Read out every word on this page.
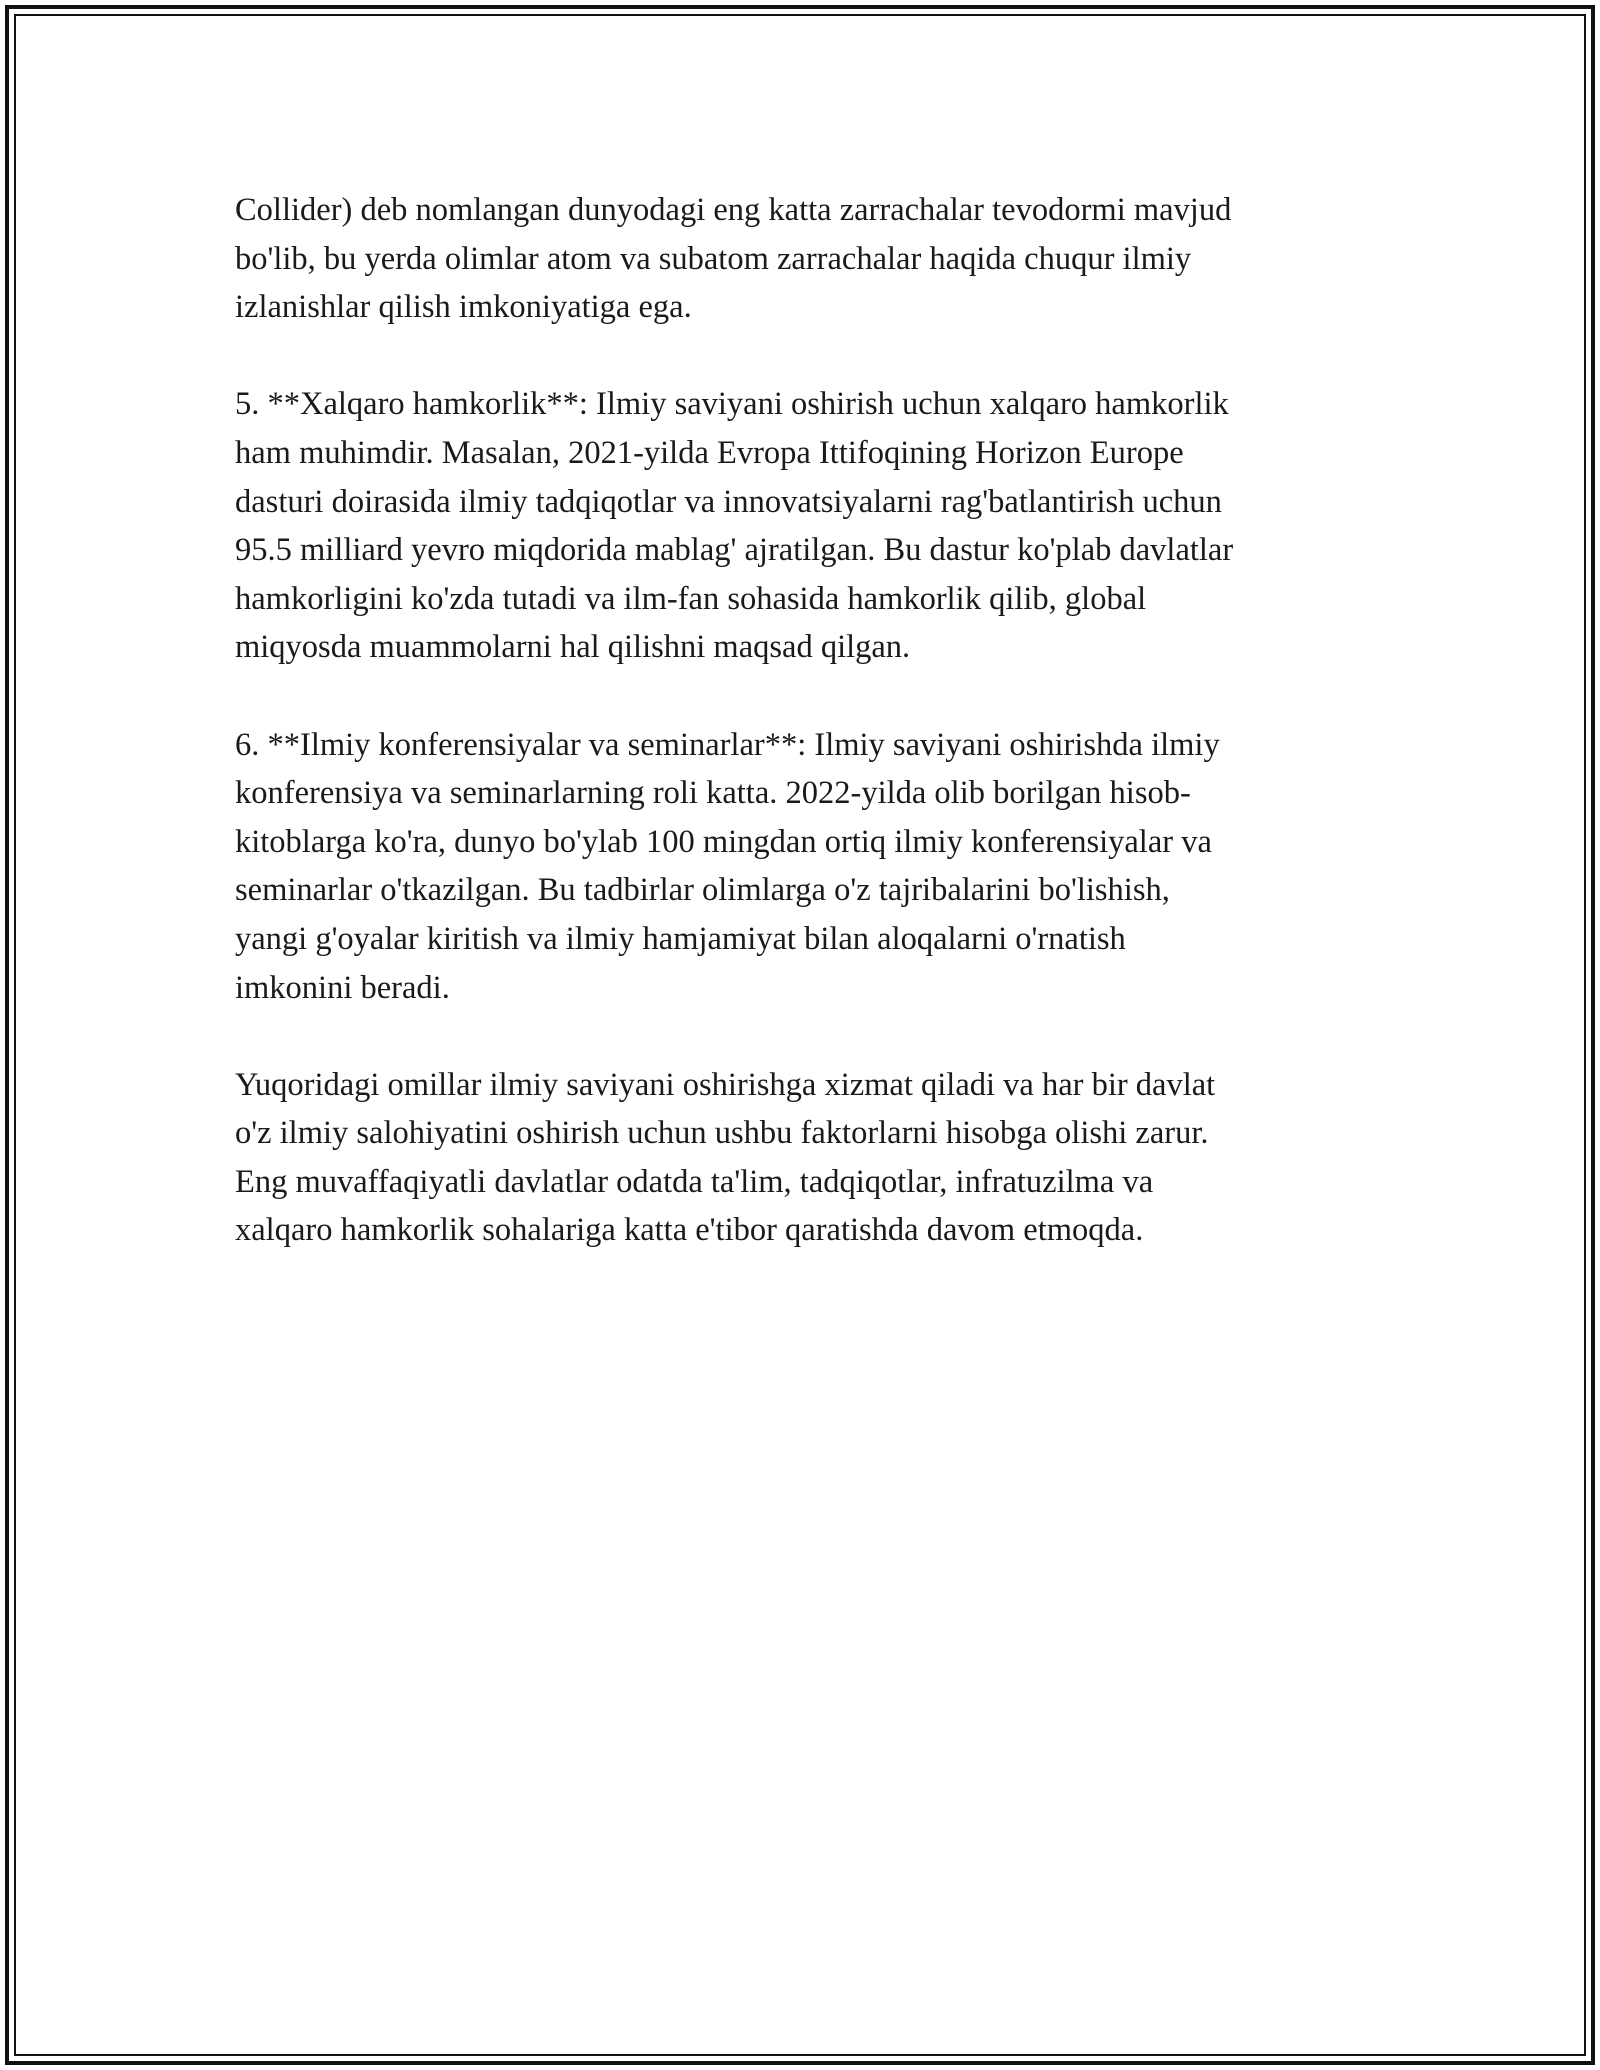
Collider) deb nomlangan dunyodagi eng katta zarrachalar tevodormi mavjud
bo'lib, bu yerda olimlar atom va subatom zarrachalar haqida chuqur ilmiy
izlanishlar qilish imkoniyatiga ega.

5. **Xalqaro hamkorlik**: Ilmiy saviyani oshirish uchun xalqaro hamkorlik
ham muhimdir. Masalan, 2021-yilda Evropa Ittifoqining Horizon Europe
dasturi doirasida ilmiy tadqiqotlar va innovatsiyalarni rag'batlantirish uchun
95.5 milliard yevro miqdorida mablag' ajratilgan. Bu dastur ko'plab davlatlar
hamkorligini ko'zda tutadi va ilm-fan sohasida hamkorlik qilib, global
miqyosda muammolarni hal qilishni maqsad qilgan.

6. **Ilmiy konferensiyalar va seminarlar**: Ilmiy saviyani oshirishda ilmiy
konferensiya va seminarlarning roli katta. 2022-yilda olib borilgan hisob-
kitoblarga ko'ra, dunyo bo'ylab 100 mingdan ortiq ilmiy konferensiyalar va
seminarlar o'tkazilgan. Bu tadbirlar olimlarga o'z tajribalarini bo'lishish,
yangi g'oyalar kiritish va ilmiy hamjamiyat bilan aloqalarni o'rnatish
imkonini beradi.

Yuqoridagi omillar ilmiy saviyani oshirishga xizmat qiladi va har bir davlat
o'z ilmiy salohiyatini oshirish uchun ushbu faktorlarni hisobga olishi zarur.
Eng muvaffaqiyatli davlatlar odatda ta'lim, tadqiqotlar, infratuzilma va
xalqaro hamkorlik sohalariga katta e'tibor qaratishda davom etmoqda.
